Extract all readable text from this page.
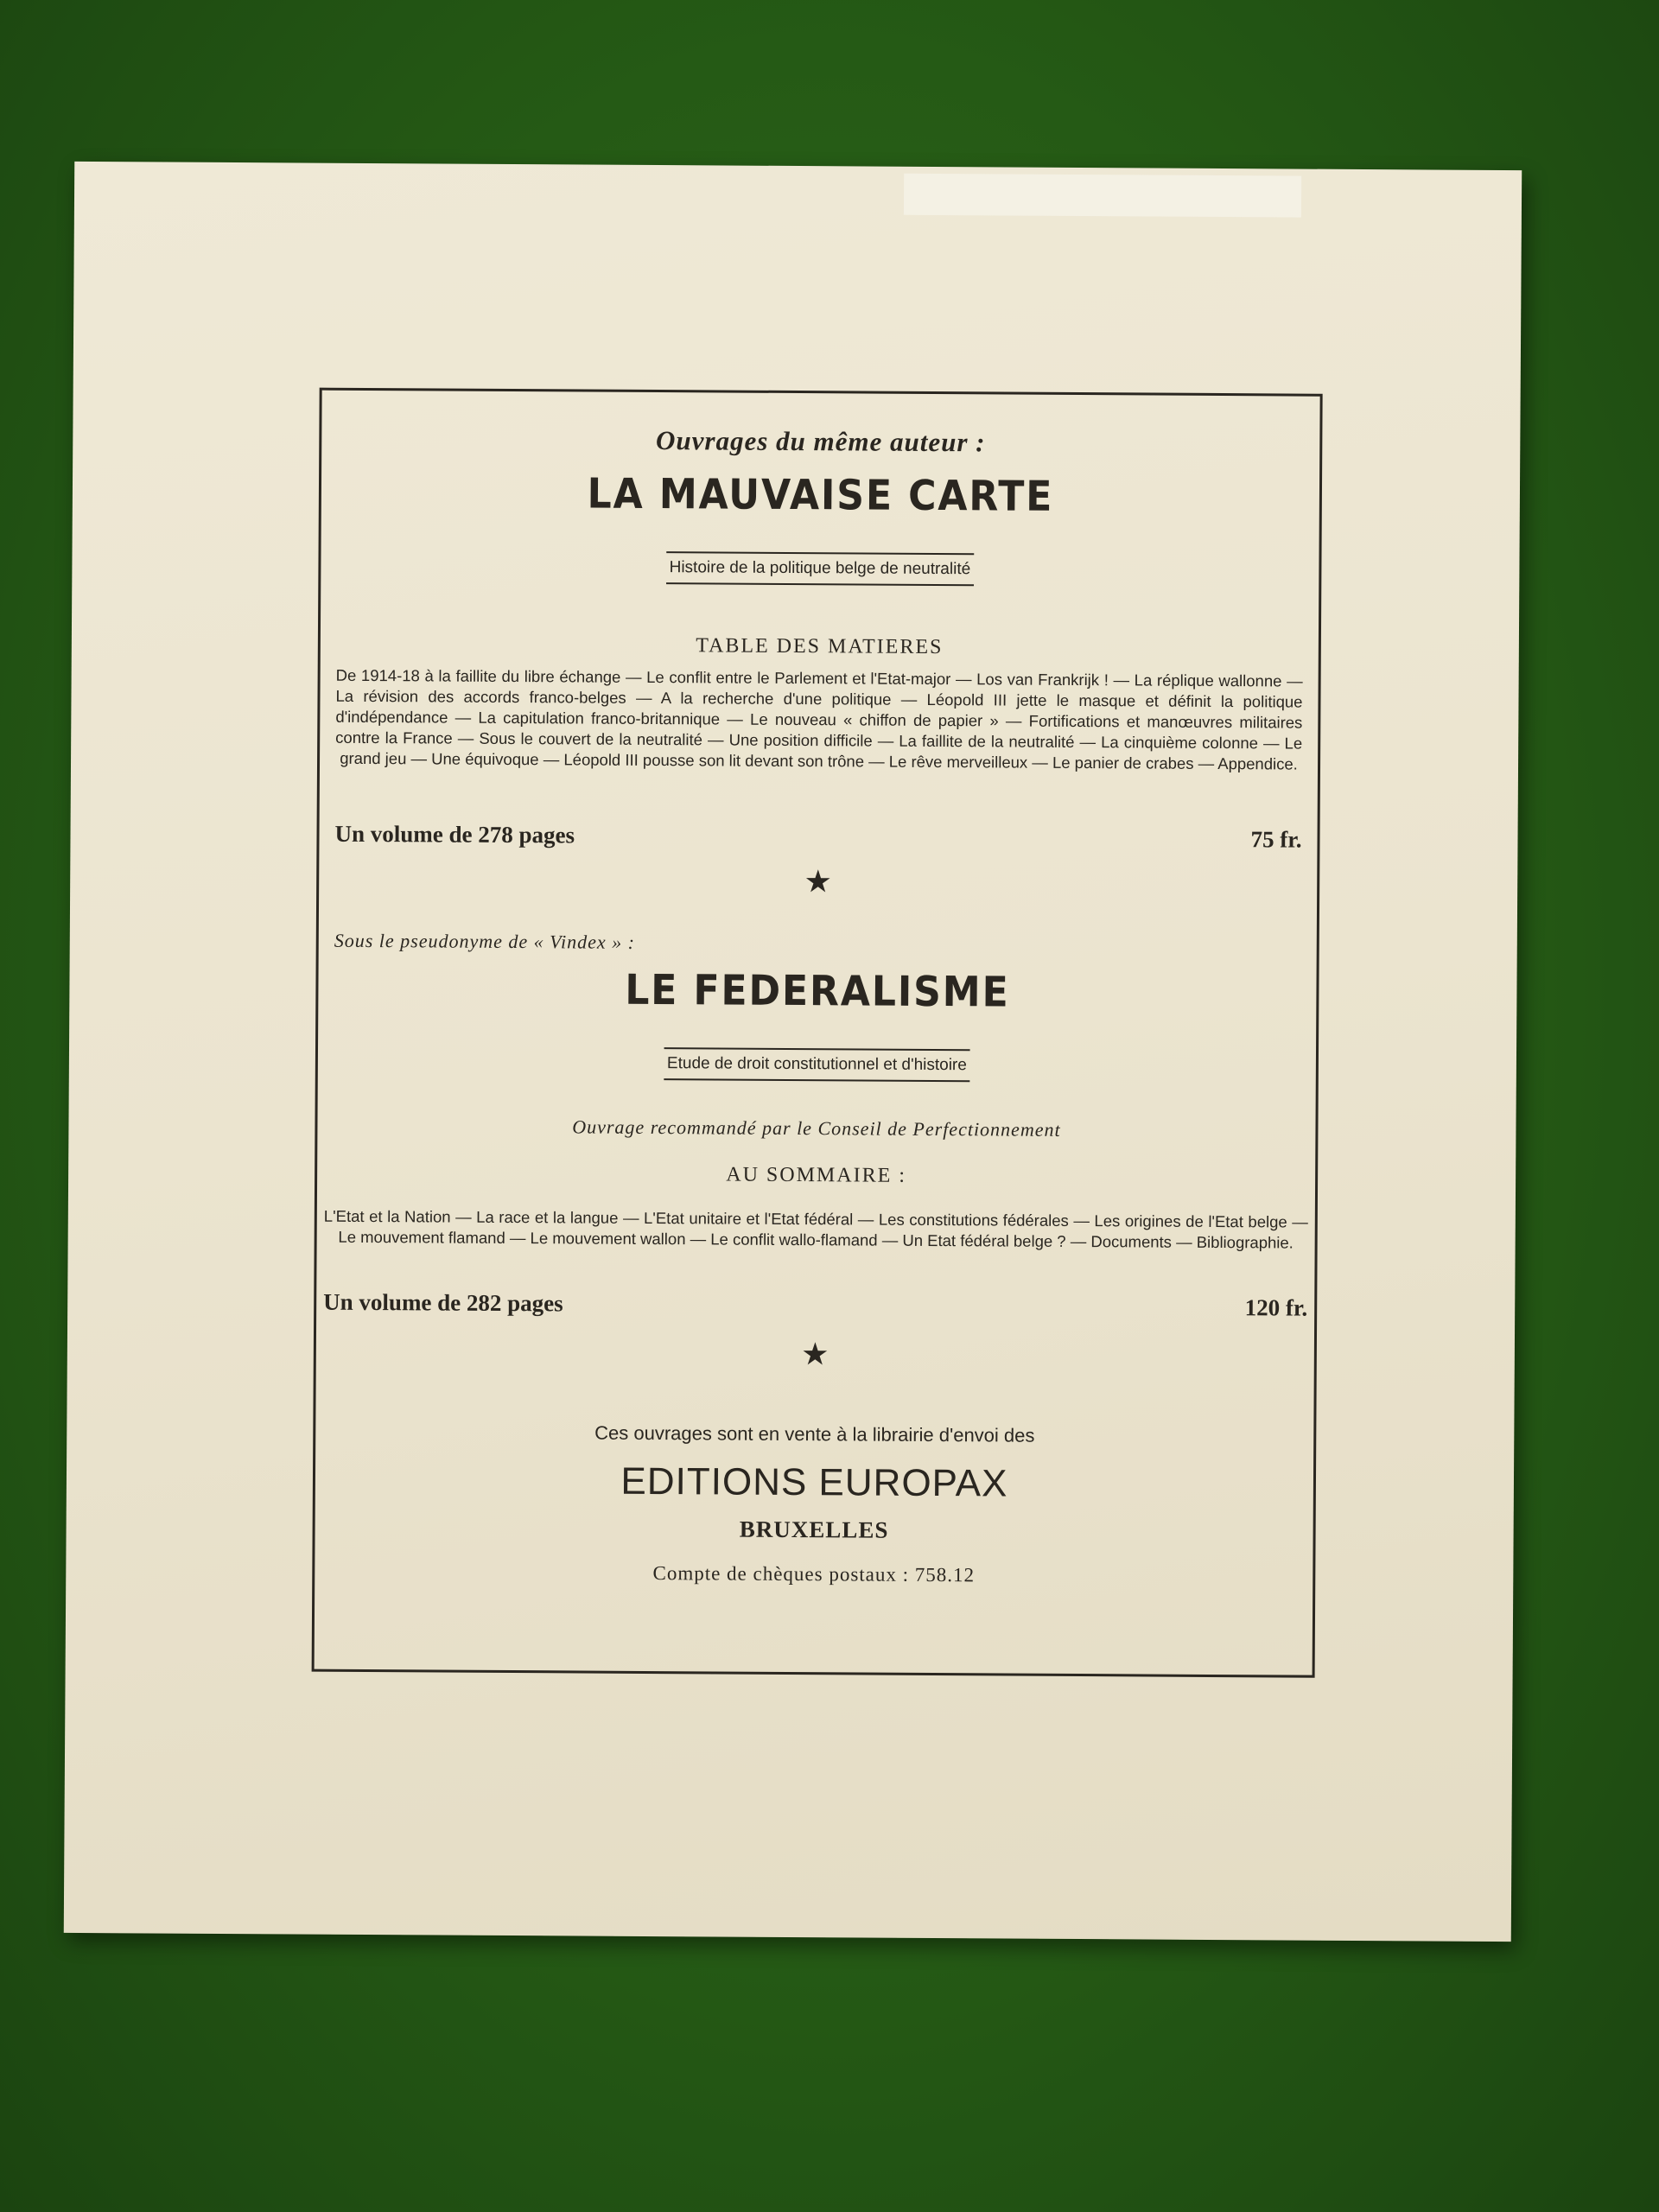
Ouvrages du même auteur :

LA MAUVAISE CARTE

Histoire de la politique belge de neutralité

TABLE DES MATIERES

De 1914-18 à la faillite du libre échange — Le conflit entre le Parlement et l'Etat-major — Los van Frankrijk ! — La réplique wallonne — La révision des accords franco-belges — A la recherche d'une politique — Léopold III jette le masque et définit la politique d'indépendance — La capitulation franco-britannique — Le nouveau « chiffon de papier » — Fortifications et manœuvres militaires contre la France — Sous le couvert de la neutralité — Une position difficile — La faillite de la neutralité — La cinquième colonne — Le grand jeu — Une équivoque — Léopold III pousse son lit devant son trône — Le rêve merveilleux — Le panier de crabes — Appendice.

Un volume de 278 pages	75 fr.

★

Sous le pseudonyme de « Vindex » :

LE FEDERALISME

Etude de droit constitutionnel et d'histoire

Ouvrage recommandé par le Conseil de Perfectionnement

AU SOMMAIRE :

L'Etat et la Nation — La race et la langue — L'Etat unitaire et l'Etat fédéral — Les constitutions fédérales — Les origines de l'Etat belge — Le mouvement flamand — Le mouvement wallon — Le conflit wallo-flamand — Un Etat fédéral belge ? — Documents — Bibliographie.

Un volume de 282 pages	120 fr.

★

Ces ouvrages sont en vente à la librairie d'envoi des

EDITIONS EUROPAX

BRUXELLES

Compte de chèques postaux : 758.12
